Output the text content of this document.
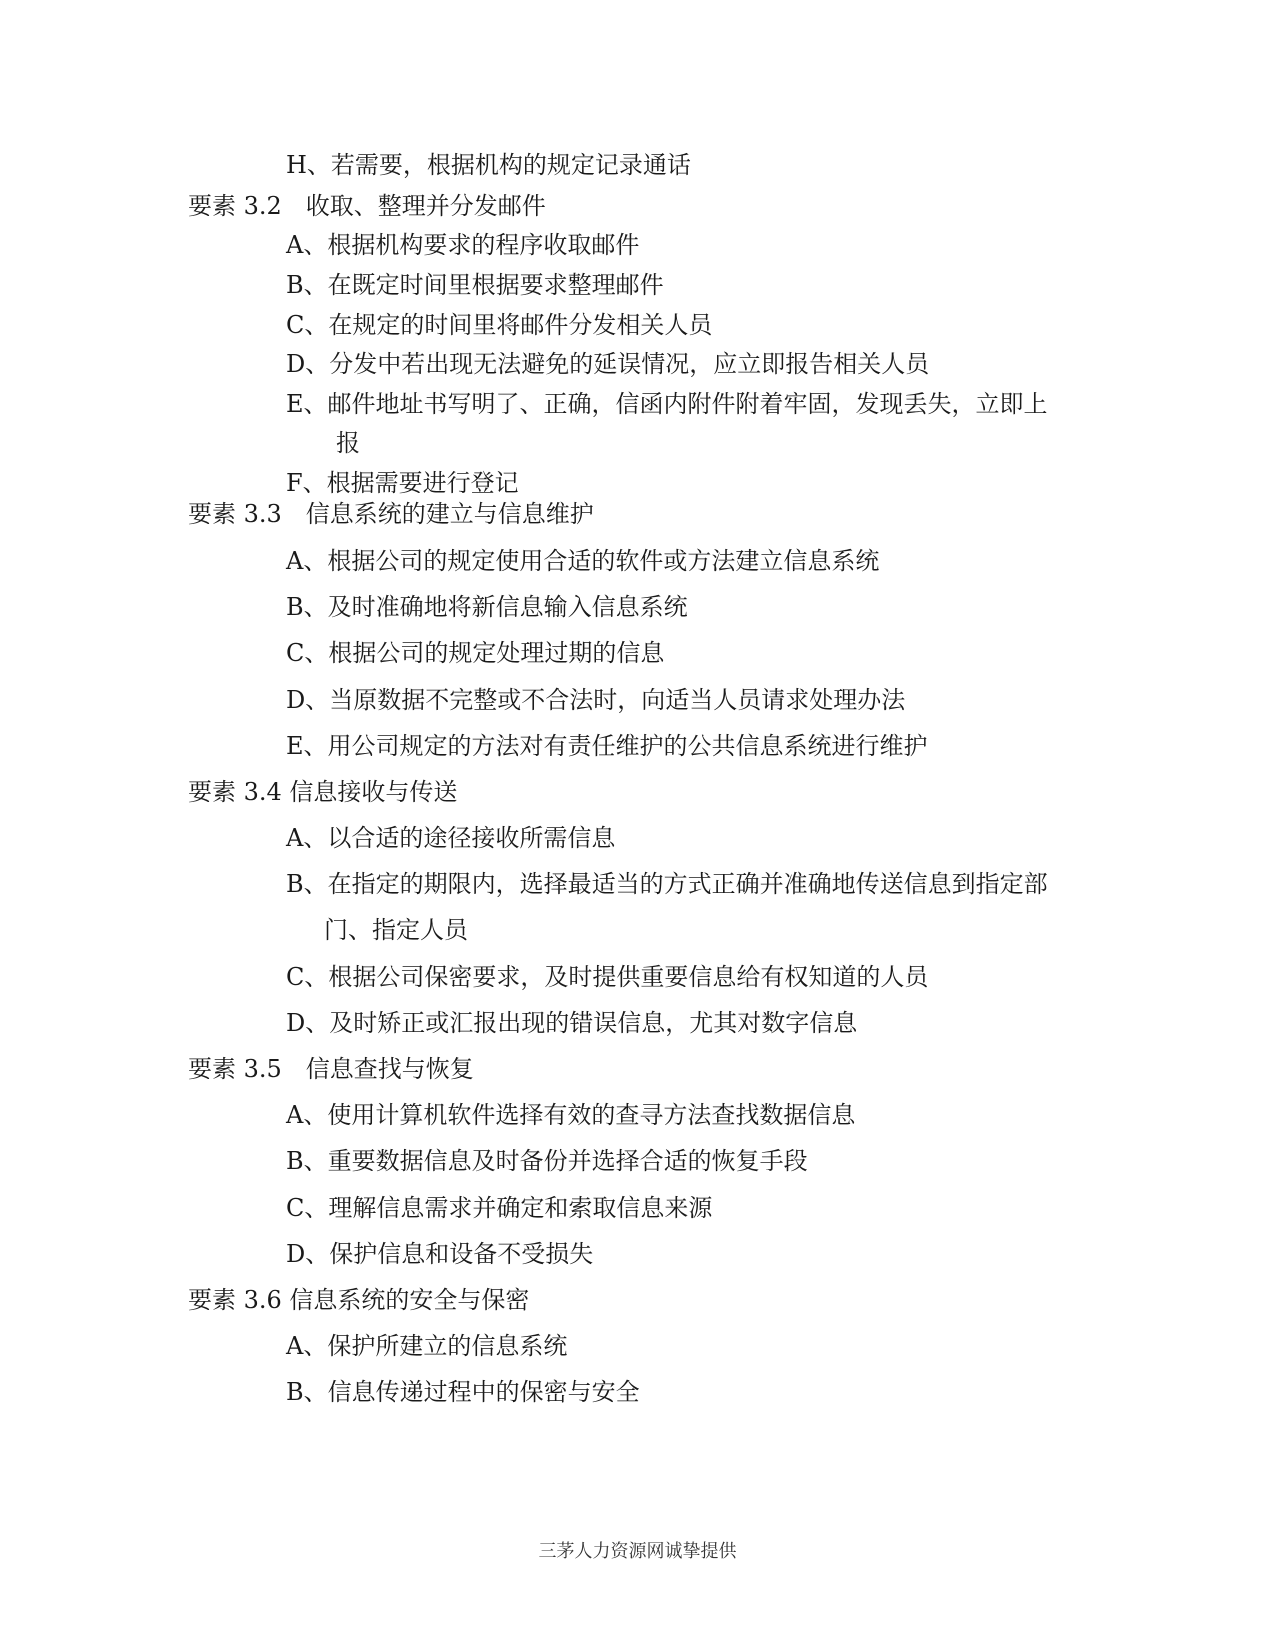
H、若需要，根据机构的规定记录通话
要素 3.2　收取、整理并分发邮件
A、根据机构要求的程序收取邮件
B、在既定时间里根据要求整理邮件
C、在规定的时间里将邮件分发相关人员
D、分发中若出现无法避免的延误情况，应立即报告相关人员
E、邮件地址书写明了、正确，信函内附件附着牢固，发现丢失，立即上
报
F、根据需要进行登记
要素 3.3　信息系统的建立与信息维护
A、根据公司的规定使用合适的软件或方法建立信息系统
B、及时准确地将新信息输入信息系统
C、根据公司的规定处理过期的信息
D、当原数据不完整或不合法时，向适当人员请求处理办法
E、用公司规定的方法对有责任维护的公共信息系统进行维护
要素 3.4 信息接收与传送
A、以合适的途径接收所需信息
B、在指定的期限内，选择最适当的方式正确并准确地传送信息到指定部
门、指定人员
C、根据公司保密要求，及时提供重要信息给有权知道的人员
D、及时矫正或汇报出现的错误信息，尤其对数字信息
要素 3.5　信息查找与恢复
A、使用计算机软件选择有效的查寻方法查找数据信息
B、重要数据信息及时备份并选择合适的恢复手段
C、理解信息需求并确定和索取信息来源
D、保护信息和设备不受损失
要素 3.6 信息系统的安全与保密
A、保护所建立的信息系统
B、信息传递过程中的保密与安全
三茅人力资源网诚挚提供
